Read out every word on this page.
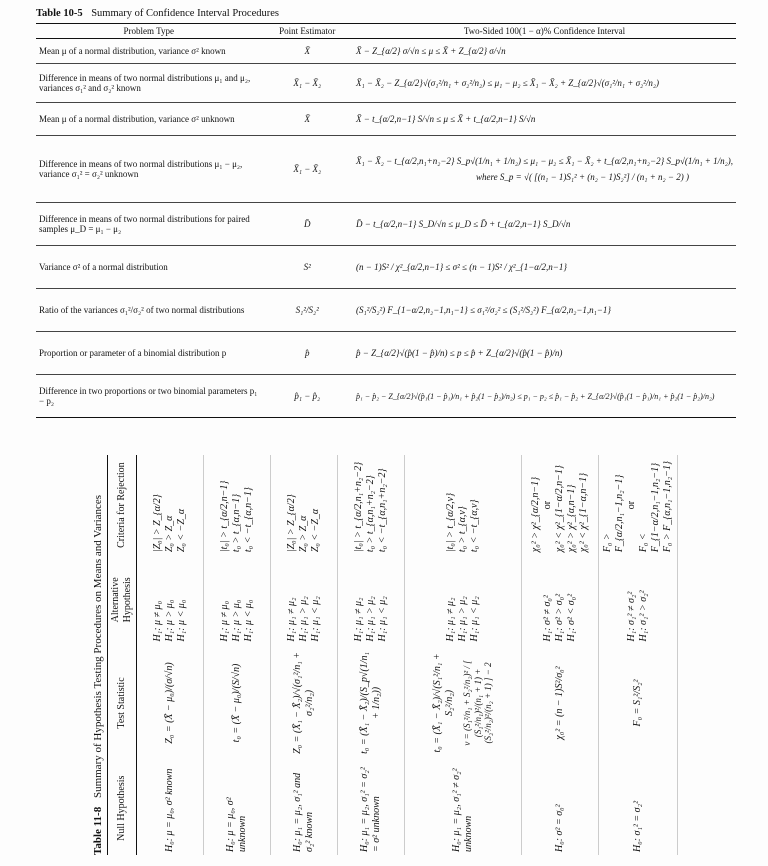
Table 10-5 Summary of Confidence Interval Procedures
Problem Type	Point Estimator	Two-Sided 100(1 − α)% Confidence Interval
Mean μ of a normal distribution, variance σ² known	X̄	X̄ − Z_{α/2} σ/√n ≤ μ ≤ X̄ + Z_{α/2} σ/√n
Difference in means of two normal distributions μ₁ and μ₂, variances σ₁² and σ₂² known	X̄₁ − X̄₂	X̄₁ − X̄₂ − Z_{α/2}√(σ₁²/n₁ + σ₂²/n₂) ≤ μ₁ − μ₂ ≤ X̄₁ − X̄₂ + Z_{α/2}√(σ₁²/n₁ + σ₂²/n₂)
Mean μ of a normal distribution, variance σ² unknown	X̄	X̄ − t_{α/2,n−1} S/√n ≤ μ ≤ X̄ + t_{α/2,n−1} S/√n
Difference in means of two normal distributions μ₁ − μ₂, variance σ₁² = σ₂² unknown	X̄₁ − X̄₂	X̄₁ − X̄₂ − t_{α/2,n₁+n₂−2} S_p√(1/n₁ + 1/n₂) ≤ μ₁ − μ₂ ≤ X̄₁ − X̄₂ + t_{α/2,n₁+n₂−2} S_p√(1/n₁ + 1/n₂),
where S_p = √( [(n₁ − 1)S₁² + (n₂ − 1)S₂²] / (n₁ + n₂ − 2) )

Difference in means of two normal distributions for paired samples μ_D = μ₁ − μ₂	D̄	D̄ − t_{α/2,n−1} S_D/√n ≤ μ_D ≤ D̄ + t_{α/2,n−1} S_D/√n
Variance σ² of a normal distribution	S²	(n − 1)S² / χ²_{α/2,n−1} ≤ σ² ≤ (n − 1)S² / χ²_{1−α/2,n−1}
Ratio of the variances σ₁²/σ₂² of two normal distributions	S₁²/S₂²	(S₁²/S₂²) F_{1−α/2,n₂−1,n₁−1} ≤ σ₁²/σ₂² ≤ (S₁²/S₂²) F_{α/2,n₂−1,n₁−1}
Proportion or parameter of a binomial distribution p	p̂	p̂ − Z_{α/2}√(p̂(1 − p̂)/n) ≤ p ≤ p̂ + Z_{α/2}√(p̂(1 − p̂)/n)
Difference in two proportions or two binomial parameters p₁ − p₂	p̂₁ − p̂₂	p̂₁ − p̂₂ − Z_{α/2}√(p̂₁(1 − p̂₁)/n₁ + p̂₂(1 − p̂₂)/n₂) ≤ p₁ − p₂ ≤ p̂₁ − p̂₂ + Z_{α/2}√(p̂₁(1 − p̂₁)/n₁ + p̂₂(1 − p̂₂)/n₂)
Table 11-8 Summary of Hypothesis Testing Procedures on Means and Variances
Null Hypothesis	Test Statistic	Alternative Hypothesis	Criteria for Rejection
H₀: μ = μ₀, σ² known	Z₀ = (X̄ − μ₀)/(σ/√n)	H₁: μ ≠ μ₀ H₁: μ > μ₀ H₁: μ < μ₀	|Z₀| > Z_{α/2} Z₀ > Z_α Z₀ < −Z_α

H₀: μ = μ₀, σ² unknown	t₀ = (X̄ − μ₀)/(S/√n)	H₁: μ ≠ μ₀ H₁: μ > μ₀ H₁: μ < μ₀	|t₀| > t_{α/2,n−1} t₀ > t_{α,n−1} t₀ < −t_{α,n−1}

H₀: μ₁ = μ₂, σ₁² and σ₂² known	Z₀ = (X̄₁ − X̄₂)/√(σ₁²/n₁ + σ₂²/n₂)	H₁: μ₁ ≠ μ₂ H₁: μ₁ > μ₂ H₁: μ₁ < μ₂	|Z₀| > Z_{α/2} Z₀ > Z_α Z₀ < −Z_α

H₀: μ₁ = μ₂, σ₁² = σ₂² = σ² unknown	t₀ = (X̄₁ − X̄₂)/(S_p√(1/n₁ + 1/n₂))	H₁: μ₁ ≠ μ₂ H₁: μ₁ > μ₂ H₁: μ₁ < μ₂	|t₀| > t_{α/2,n₁+n₂−2} t₀ > t_{α,n₁+n₂−2} t₀ < −t_{α,n₁+n₂−2}

H₀: μ₁ = μ₂, σ₁² ≠ σ₂² unknown	t₀ = (X̄₁ − X̄₂)/√(S₁²/n₁ + S₂²/n₂) v = (S₁²/n₁ + S₂²/n₂)² / [ (S₁²/n₁)²/(n₁ + 1) + (S₂²/n₂)²/(n₂ + 1) ] − 2	H₁: μ₁ ≠ μ₂ H₁: μ₁ > μ₂ H₁: μ₁ < μ₂	|t₀| > t_{α/2,v} t₀ > t_{α,v} t₀ < −t_{α,v}

H₀: σ² = σ₀²	χ₀² = (n − 1)S²/σ₀²	H₁: σ² ≠ σ₀² H₁: σ² > σ₀² H₁: σ² < σ₀²	χ₀² > χ²_{α/2,n−1} or χ₀² < χ²_{1−α/2,n−1} χ₀² > χ²_{α,n−1} χ₀² < χ²_{1−α,n−1}

H₀: σ₁² = σ₂²	F₀ = S₁²/S₂²	H₁: σ₁² ≠ σ₂² H₁: σ₁² > σ₂²	F₀ > F_{α/2,n₁−1,n₂−1} or
F₀ < F_{1−α/2,n₁−1,n₂−1} F₀ > F_{α,n₁−1,n₂−1}
